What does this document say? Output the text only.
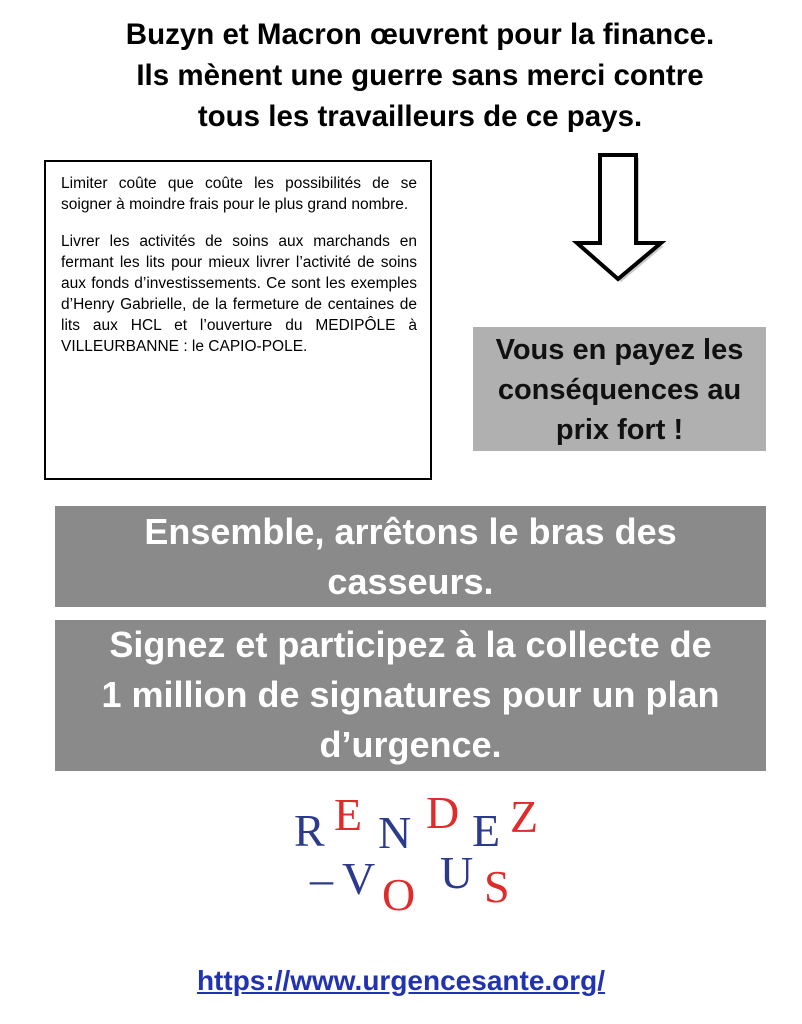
Buzyn et Macron œuvrent pour la finance.
Ils mènent une guerre sans merci contre
tous les travailleurs de ce pays.

Limiter coûte que coûte les possibilités de se soigner à moindre frais pour le plus grand nombre.

Livrer les activités de soins aux marchands en fermant les lits pour mieux livrer l’activité de soins aux fonds d’investissements. Ce sont les exemples d’Henry Gabrielle, de la fermeture de centaines de lits aux HCL et l’ouverture du MEDIPÔLE à VILLEURBANNE : le CAPIO-POLE.	Vous en payez les
conséquences au
prix fort !
Ensemble, arrêtons le bras des
casseurs.
Signez et participez à la collecte de
1 million de signatures pour un plan
d’urgence.
R E N D E Z
– V O U S
https://www.urgencesante.org/
